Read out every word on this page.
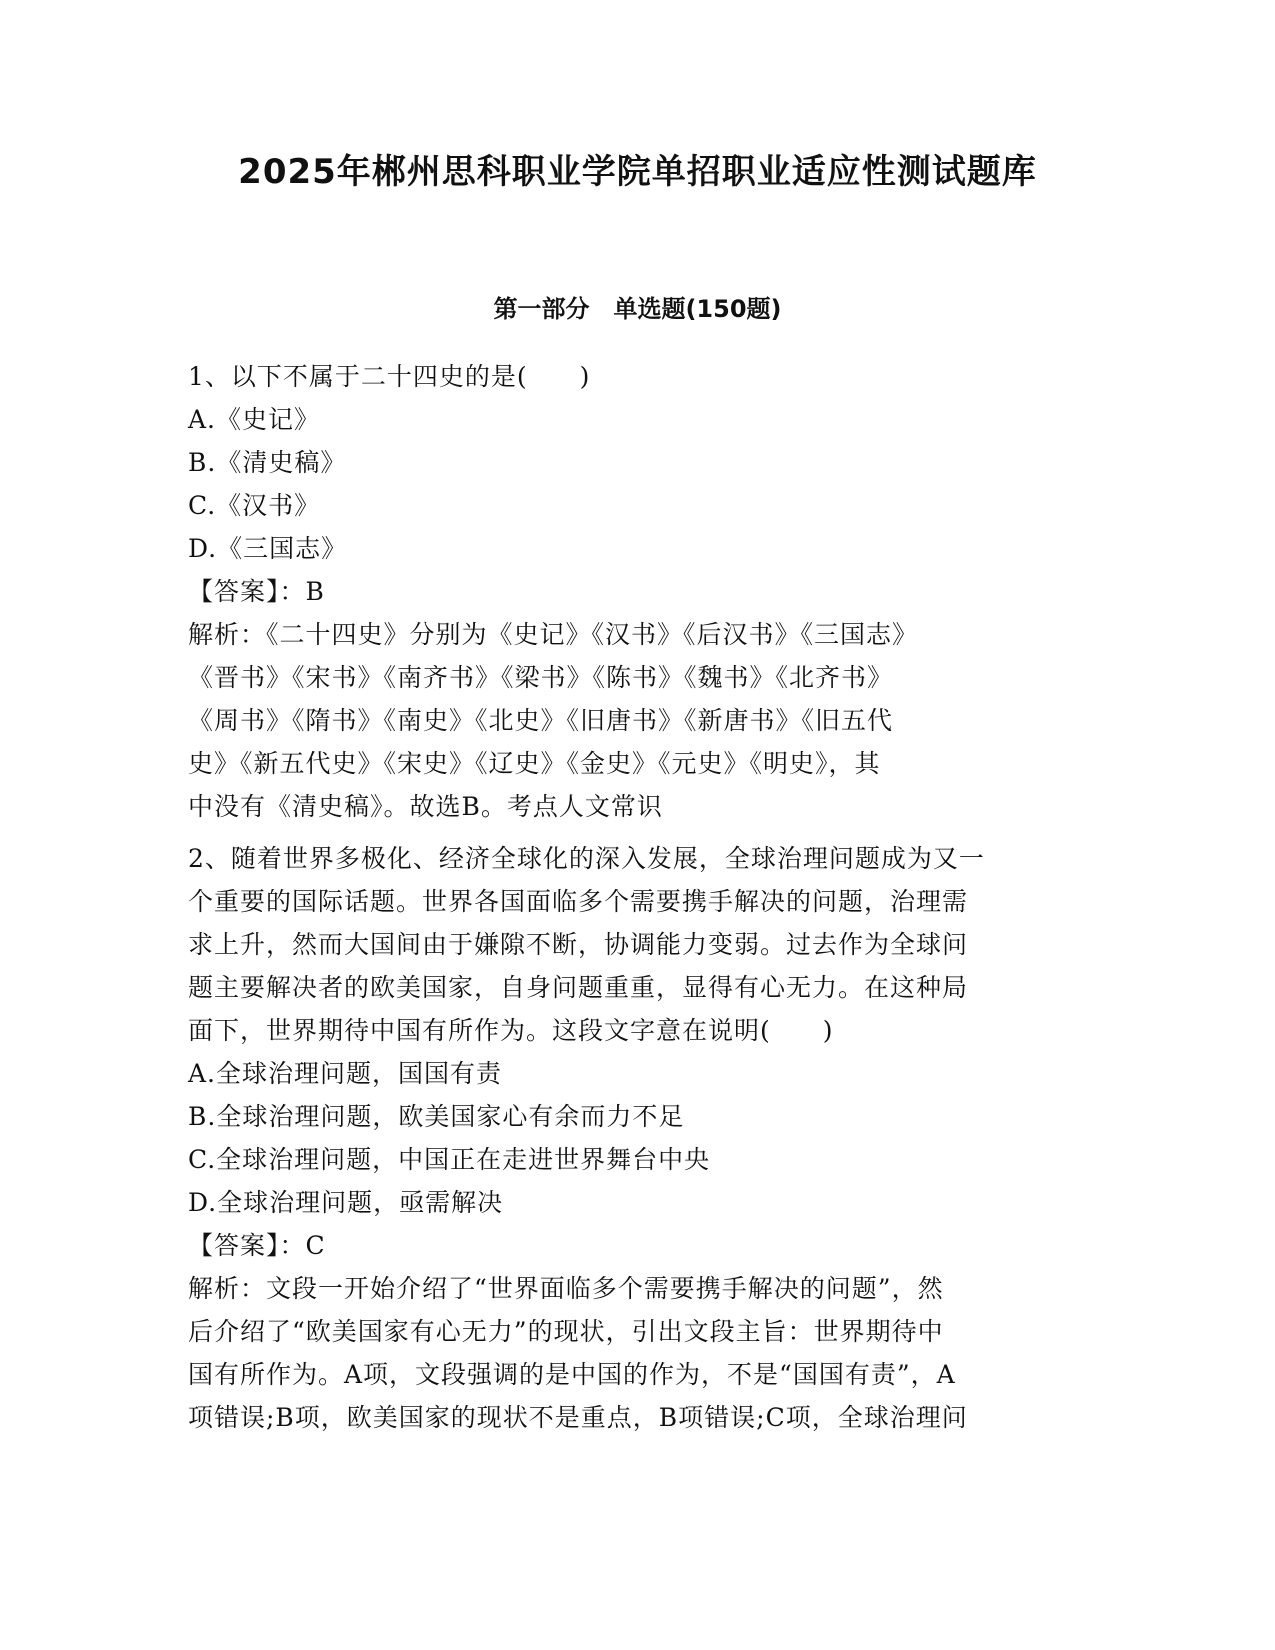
2025年郴州思科职业学院单招职业适应性测试题库
第一部分　单选题(150题)
1、以下不属于二十四史的是(　　)
A.《史记》
B.《清史稿》
C.《汉书》
D.《三国志》
【答案】：B
解析：《二十四史》分别为《史记》《汉书》《后汉书》《三国志》
《晋书》《宋书》《南齐书》《梁书》《陈书》《魏书》《北齐书》
《周书》《隋书》《南史》《北史》《旧唐书》《新唐书》《旧五代
史》《新五代史》《宋史》《辽史》《金史》《元史》《明史》，其
中没有《清史稿》。故选B。考点人文常识
2、随着世界多极化、经济全球化的深入发展，全球治理问题成为又一
个重要的国际话题。世界各国面临多个需要携手解决的问题，治理需
求上升，然而大国间由于嫌隙不断，协调能力变弱。过去作为全球问
题主要解决者的欧美国家，自身问题重重，显得有心无力。在这种局
面下，世界期待中国有所作为。这段文字意在说明(　　)
A.全球治理问题，国国有责
B.全球治理问题，欧美国家心有余而力不足
C.全球治理问题，中国正在走进世界舞台中央
D.全球治理问题，亟需解决
【答案】：C
解析：文段一开始介绍了“世界面临多个需要携手解决的问题”，然
后介绍了“欧美国家有心无力”的现状，引出文段主旨：世界期待中
国有所作为。A项，文段强调的是中国的作为，不是“国国有责”，A
项错误;B项，欧美国家的现状不是重点，B项错误;C项，全球治理问
